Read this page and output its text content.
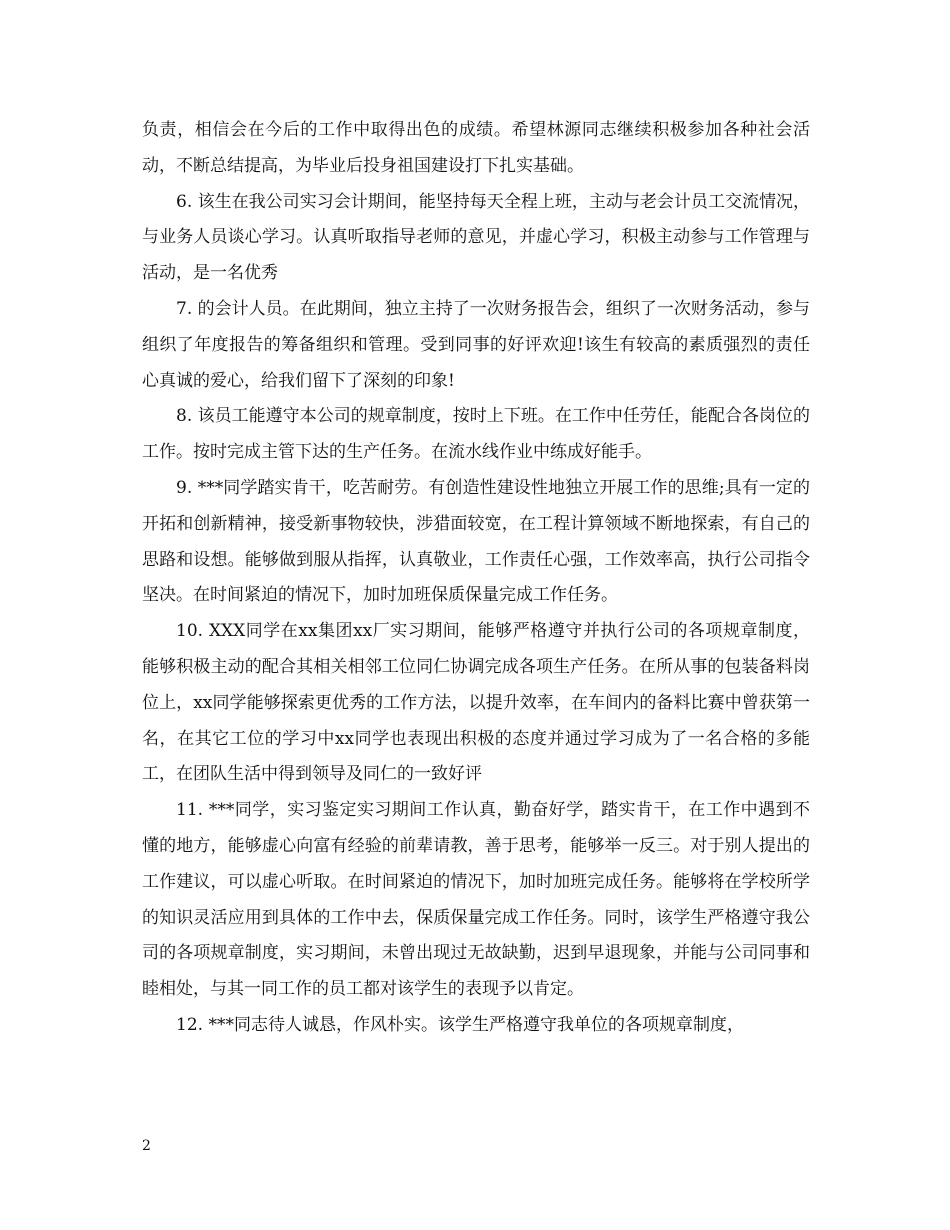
负责，相信会在今后的工作中取得出色的成绩。希望林源同志继续积极参加各种社会活动，不断总结提高，为毕业后投身祖国建设打下扎实基础。

6. 该生在我公司实习会计期间，能坚持每天全程上班，主动与老会计员工交流情况，与业务人员谈心学习。认真听取指导老师的意见，并虚心学习，积极主动参与工作管理与活动，是一名优秀

7. 的会计人员。在此期间，独立主持了一次财务报告会，组织了一次财务活动，参与组织了年度报告的筹备组织和管理。受到同事的好评欢迎!该生有较高的素质强烈的责任心真诚的爱心，给我们留下了深刻的印象!

8. 该员工能遵守本公司的规章制度，按时上下班。在工作中任劳任，能配合各岗位的工作。按时完成主管下达的生产任务。在流水线作业中练成好能手。

9. ***同学踏实肯干，吃苦耐劳。有创造性建设性地独立开展工作的思维;具有一定的开拓和创新精神，接受新事物较快，涉猎面较宽，在工程计算领域不断地探索，有自己的思路和设想。能够做到服从指挥，认真敬业，工作责任心强，工作效率高，执行公司指令坚决。在时间紧迫的情况下，加时加班保质保量完成工作任务。

10. XXX同学在xx集团xx厂实习期间，能够严格遵守并执行公司的各项规章制度，能够积极主动的配合其相关相邻工位同仁协调完成各项生产任务。在所从事的包装备料岗位上，xx同学能够探索更优秀的工作方法，以提升效率，在车间内的备料比赛中曾获第一名，在其它工位的学习中xx同学也表现出积极的态度并通过学习成为了一名合格的多能工，在团队生活中得到领导及同仁的一致好评

11. ***同学，实习鉴定实习期间工作认真，勤奋好学，踏实肯干，在工作中遇到不懂的地方，能够虚心向富有经验的前辈请教，善于思考，能够举一反三。对于别人提出的工作建议，可以虚心听取。在时间紧迫的情况下，加时加班完成任务。能够将在学校所学的知识灵活应用到具体的工作中去，保质保量完成工作任务。同时，该学生严格遵守我公司的各项规章制度，实习期间，未曾出现过无故缺勤，迟到早退现象，并能与公司同事和睦相处，与其一同工作的员工都对该学生的表现予以肯定。

12. ***同志待人诚恳，作风朴实。该学生严格遵守我单位的各项规章制度，

2
